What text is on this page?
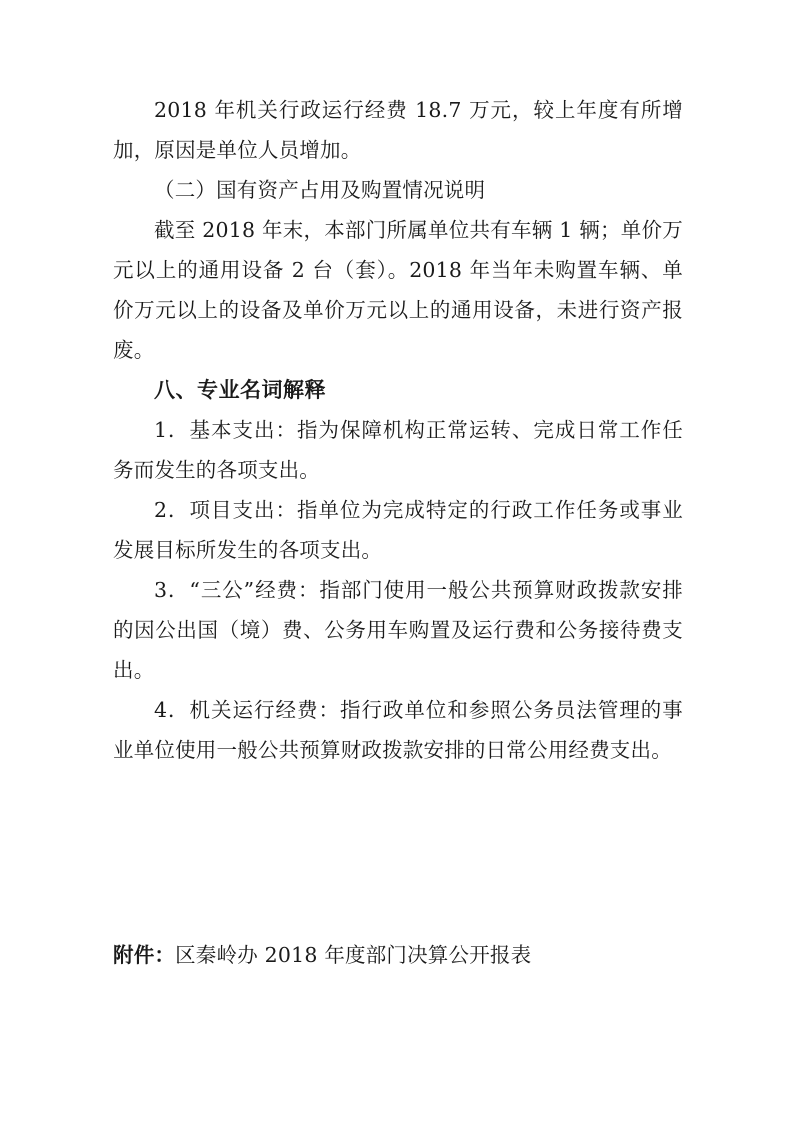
2018 年机关行政运行经费 18.7 万元，较上年度有所增加，原因是单位人员增加。

（二）国有资产占用及购置情况说明

截至 2018 年末，本部门所属单位共有车辆 1 辆；单价万元以上的通用设备 2 台（套）。2018 年当年未购置车辆、单价万元以上的设备及单价万元以上的通用设备，未进行资产报废。

八、专业名词解释

1．基本支出：指为保障机构正常运转、完成日常工作任务而发生的各项支出。

2．项目支出：指单位为完成特定的行政工作任务或事业发展目标所发生的各项支出。

3．“三公”经费：指部门使用一般公共预算财政拨款安排的因公出国（境）费、公务用车购置及运行费和公务接待费支出。

4．机关运行经费：指行政单位和参照公务员法管理的事业单位使用一般公共预算财政拨款安排的日常公用经费支出。

附件：区秦岭办 2018 年度部门决算公开报表
